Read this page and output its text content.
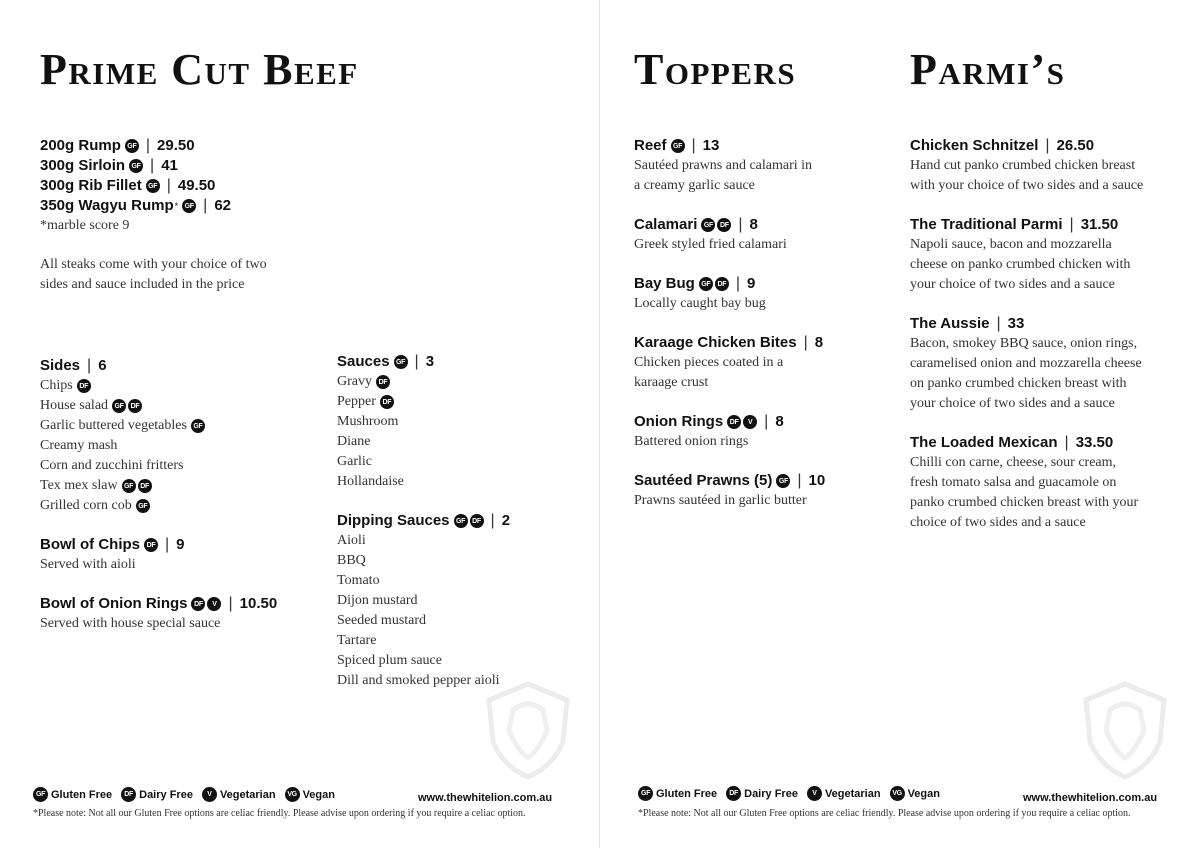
Prime Cut Beef
200g Rump GF | 29.50
300g Sirloin GF | 41
300g Rib Fillet GF | 49.50
350g Wagyu Rump * GF | 62
*marble score 9
All steaks come with your choice of two
sides and sauce included in the price
Sides | 6
Chips DF
House salad GF	DF
Garlic buttered vegetables GF
Creamy mash
Corn and zucchini fritters
Tex mex slaw GF	DF
Grilled corn cob GF
Bowl of Chips DF | 9
Served with aioli
Bowl of Onion Rings DF	V | 10.50
Served with house special sauce
Sauces GF | 3
Gravy DF
Pepper DF
Mushroom
Diane
Garlic
Hollandaise
Dipping Sauces GF	DF | 2
Aioli
BBQ
Tomato
Dijon mustard
Seeded mustard
Tartare
Spiced plum sauce
Dill and smoked pepper aioli
GF Gluten Free	DF Dairy Free	V Vegetarian	VG Vegan	www.thewhitelion.com.au
*Please note: Not all our Gluten Free options are celiac friendly. Please advise upon ordering if you require a celiac option.
Toppers	Parmi’s
Reef GF | 13
Sautéed prawns and calamari in
a creamy garlic sauce
Calamari GF	DF | 8
Greek styled fried calamari
Bay Bug GF	DF | 9
Locally caught bay bug
Karaage Chicken Bites | 8
Chicken pieces coated in a
karaage crust
Onion Rings DF	V | 8
Battered onion rings
Sautéed Prawns (5) GF | 10
Prawns sautéed in garlic butter
Chicken Schnitzel | 26.50
Hand cut panko crumbed chicken breast
with your choice of two sides and a sauce
The Traditional Parmi | 31.50
Napoli sauce, bacon and mozzarella
cheese on panko crumbed chicken with
your choice of two sides and a sauce
The Aussie | 33
Bacon, smokey BBQ sauce, onion rings,
caramelised onion and mozzarella cheese
on panko crumbed chicken breast with
your choice of two sides and a sauce
The Loaded Mexican | 33.50
Chilli con carne, cheese, sour cream,
fresh tomato salsa and guacamole on
panko crumbed chicken breast with your
choice of two sides and a sauce
GF Gluten Free	DF Dairy Free	V Vegetarian	VG Vegan	www.thewhitelion.com.au
*Please note: Not all our Gluten Free options are celiac friendly. Please advise upon ordering if you require a celiac option.
